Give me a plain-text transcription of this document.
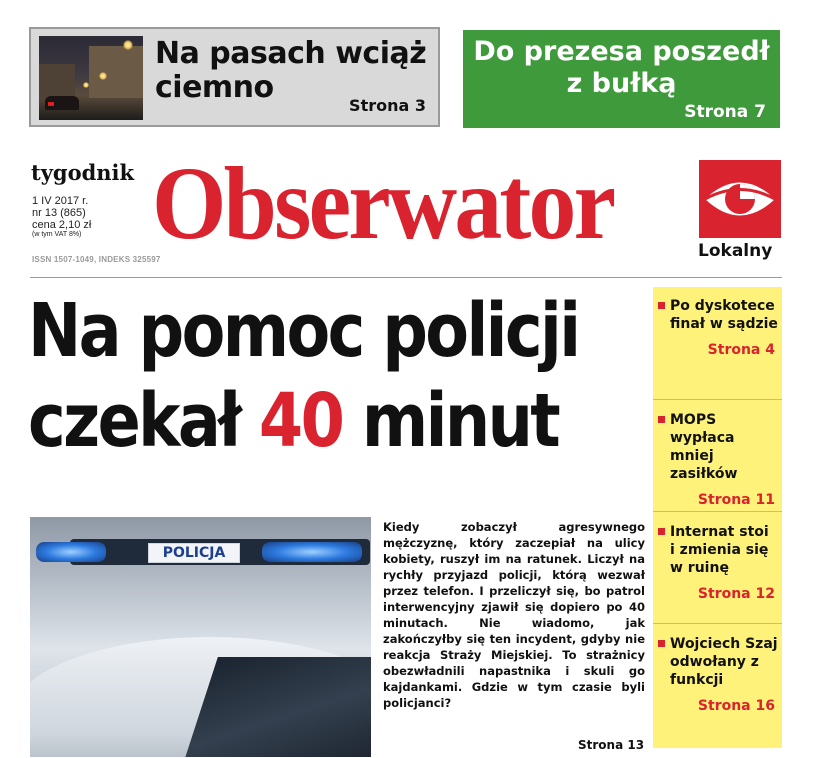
Na pasach wciąż ciemno
Strona 3
Do prezesa poszedł z bułką
Strona 7
tygodnik
1 IV 2017 r.
nr 13 (865)
cena 2,10 zł
(w tym VAT 8%)
ISSN 1507-1049, INDEKS 325597
Obserwator	Lokalny
Na pomoc policji
czekał 40 minut
POLICJA
Kiedy zobaczył agresywnego mężczyznę, który zaczepiał na ulicy kobiety, ruszył im na ratunek. Liczył na rychły przyjazd policji, którą wezwał przez telefon. I przeliczył się, bo patrol interwencyjny zjawił się dopiero po 40 minutach. Nie wiadomo, jak zakończyłby się ten incydent, gdyby nie reakcja Straży Miejskiej. To strażnicy obezwładnili napastnika i skuli go kajdankami. Gdzie w tym czasie byli policjanci?
Strona 13
Po dyskotece finał w sądzie
Strona 4
MOPS wypłaca mniej zasiłków
Strona 11
Internat stoi i zmienia się w ruinę
Strona 12
Wojciech Szaj odwołany z funkcji
Strona 16
